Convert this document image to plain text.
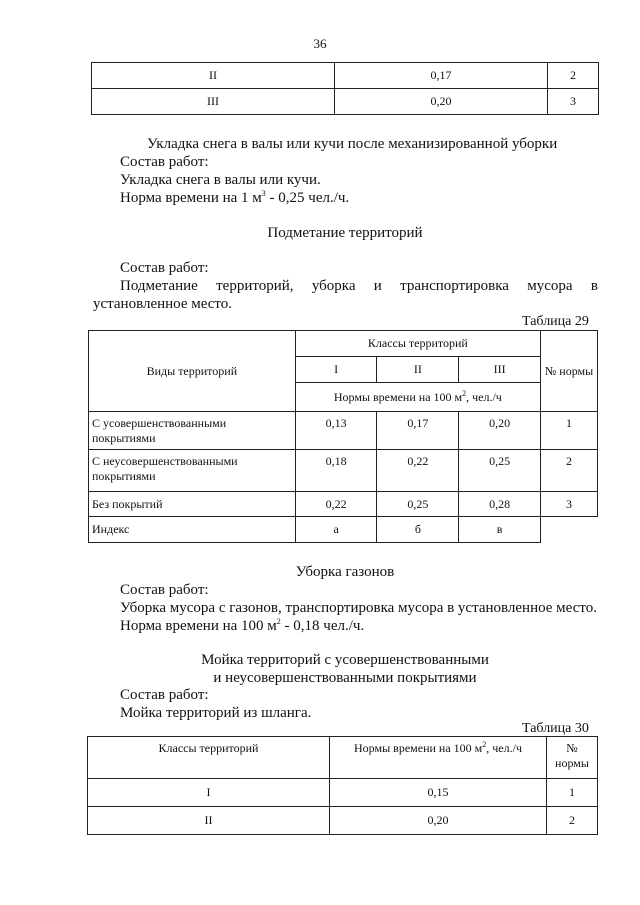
36
II	0,17	2
III	0,20	3
Укладка снега в валы или кучи после механизированной уборки
Состав работ:
Укладка снега в валы или кучи.
Норма времени на 1 $м^3 - 0,25$ чел./ч.
Подметание территорий
Состав работ:
Подметание территорий, уборка и транспортировка мусора в
установленное место.
Таблица 29
Виды территорий	Классы территорий			№ нормы
	I	II	III	
	Нормы времени на 100 $м^2$, чел./ч			
С усовершенствованными покрытиями	0,13	0,17	0,20	1
С неусовершенствованными покрытиями	0,18	0,22	0,25	2
Без покрытий	0,22	0,25	0,28	3
Индекс	а	б	в	
Уборка газонов
Состав работ:
Уборка мусора с газонов, транспортировка мусора в установленное место.
Норма времени на 100 $м^2 - 0,18$ чел./ч.
Мойка территорий с усовершенствованными
и неусовершенствованными покрытиями
Состав работ:
Мойка территорий из шланга.
Таблица 30
Классы территорий	Нормы времени на 100 $м^2$, чел./ч	№ нормы
I	0,15	1
II	0,20	2
